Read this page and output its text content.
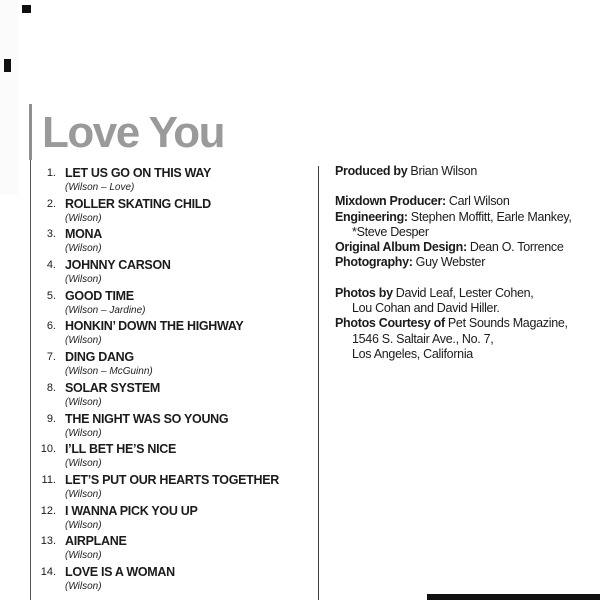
Love You
1. LET US GO ON THIS WAY
(Wilson – Love)
2. ROLLER SKATING CHILD
(Wilson)
3. MONA
(Wilson)
4. JOHNNY CARSON
(Wilson)
5. GOOD TIME
(Wilson – Jardine)
6. HONKIN’ DOWN THE HIGHWAY
(Wilson)
7. DING DANG
(Wilson – McGuinn)
8. SOLAR SYSTEM
(Wilson)
9. THE NIGHT WAS SO YOUNG
(Wilson)
10. I’LL BET HE’S NICE
(Wilson)
11. LET’S PUT OUR HEARTS TOGETHER
(Wilson)
12. I WANNA PICK YOU UP
(Wilson)
13. AIRPLANE
(Wilson)
14. LOVE IS A WOMAN
(Wilson)
Produced by Brian Wilson
Mixdown Producer: Carl Wilson
Engineering: Stephen Moffitt, Earle Mankey,
*Steve Desper
Original Album Design: Dean O. Torrence
Photography: Guy Webster
Photos by David Leaf, Lester Cohen,
Lou Cohan and David Hiller.
Photos Courtesy of Pet Sounds Magazine,
1546 S. Saltair Ave., No. 7,
Los Angeles, California
